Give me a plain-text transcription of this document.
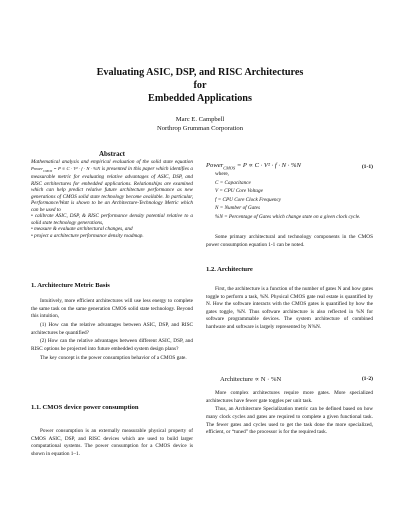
Evaluating ASIC, DSP, and RISC Architectures
for
Embedded Applications
Marc E. Campbell
Northrop Grumman Corporation
Abstract

Mathematical analysis and empirical evaluation of the solid state equation Power$_{CMOS}$ = P ∝ C · V² · f · N · %N is presented in this paper which identifies a measurable metric for evaluating relative advantages of ASIC, DSP, and RISC architectures for embedded applications. Relationships are examined which can help predict relative future architecture performance as new generations of CMOS solid state technology become available. In particular, Performance/Watt is shown to be an Architecture-Technology Metric which can be used to

• calibrate ASIC, DSP, & RISC performance density potential relative to a solid state technology generations,
• measure & evaluate architectural changes, and
• project a architecture performance density roadmap.
1. Architecture Metric Basis

Intuitively, more efficient architectures will use less energy to complete the same task on the same generation CMOS solid state technology. Beyond this intuition,

(1) How can the relative advantages between ASIC, DSP, and RISC architectures be quantified?

(2) How can the relative advantages between different ASIC, DSP, and RISC options be projected into future embedded system design plans?

The key concept is the power consumption behavior of a CMOS gate.

1.1. CMOS device power consumption

Power consumption is an externally measurable physical property of CMOS ASIC, DSP, and RISC devices which are used to build larger computational systems. The power consumption for a CMOS device is shown in equation 1–1.

Power$_{CMOS}$ = P ∝ C · V² · f · N · %N	(1-1)
where,
C = Capacitance
V = CPU Core Voltage
f = CPU Core Clock Frequency
N = Number of Gates
%N = Percentage of Gates which change state on a given clock cycle.

Some primary architectural and technology components in the CMOS power consumption equation 1-1 can be noted.

1.2. Architecture

First, the architecture is a function of the number of gates N and how gates toggle to perform a task, %N. Physical CMOS gate real estate is quantified by N. How the software interacts with the CMOS gates is quantified by how the gates toggle, %N. Thus software architecture is also reflected in %N for software programmable devices. The system architecture of combined hardware and software is largely represented by N%N.

Architecture ∝ N · %N	(1-2)

More complex architectures require more gates. More specialized architectures have fewer gate toggles per unit task.

Thus, an Architecture Specialization metric can be defined based on how many clock cycles and gates are required to complete a given functional task. The fewer gates and cycles used to get the task done the more specialized, efficient, or “tuned” the processor is for the required task.
